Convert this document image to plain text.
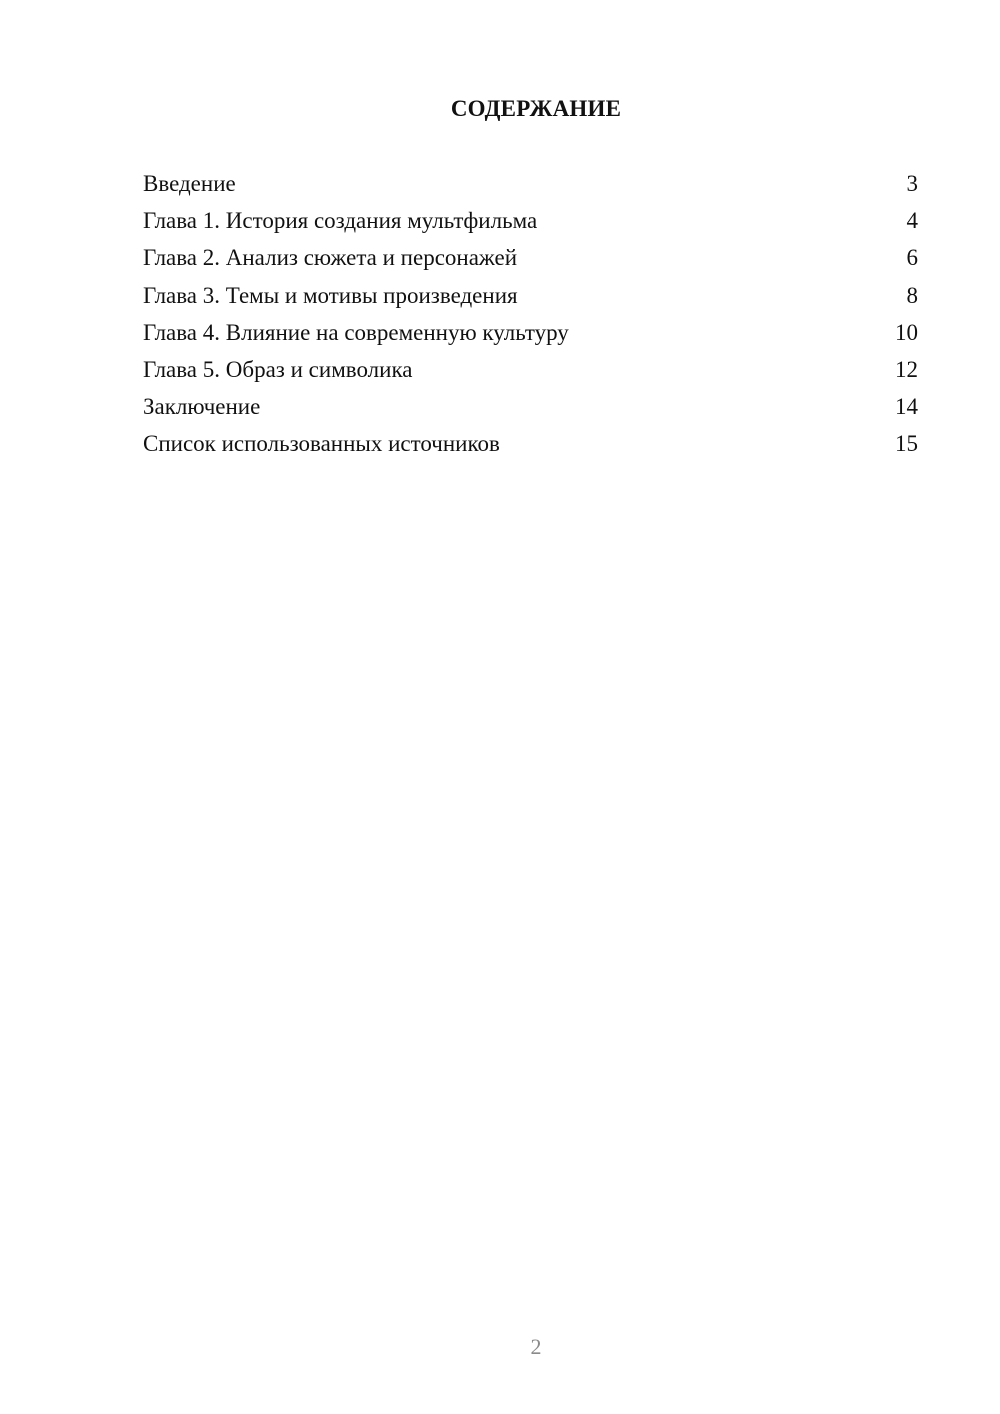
СОДЕРЖАНИЕ
Введение	3
Глава 1. История создания мультфильма	4
Глава 2. Анализ сюжета и персонажей	6
Глава 3. Темы и мотивы произведения	8
Глава 4. Влияние на современную культуру	10
Глава 5. Образ и символика	12
Заключение	14
Список использованных источников	15
2
